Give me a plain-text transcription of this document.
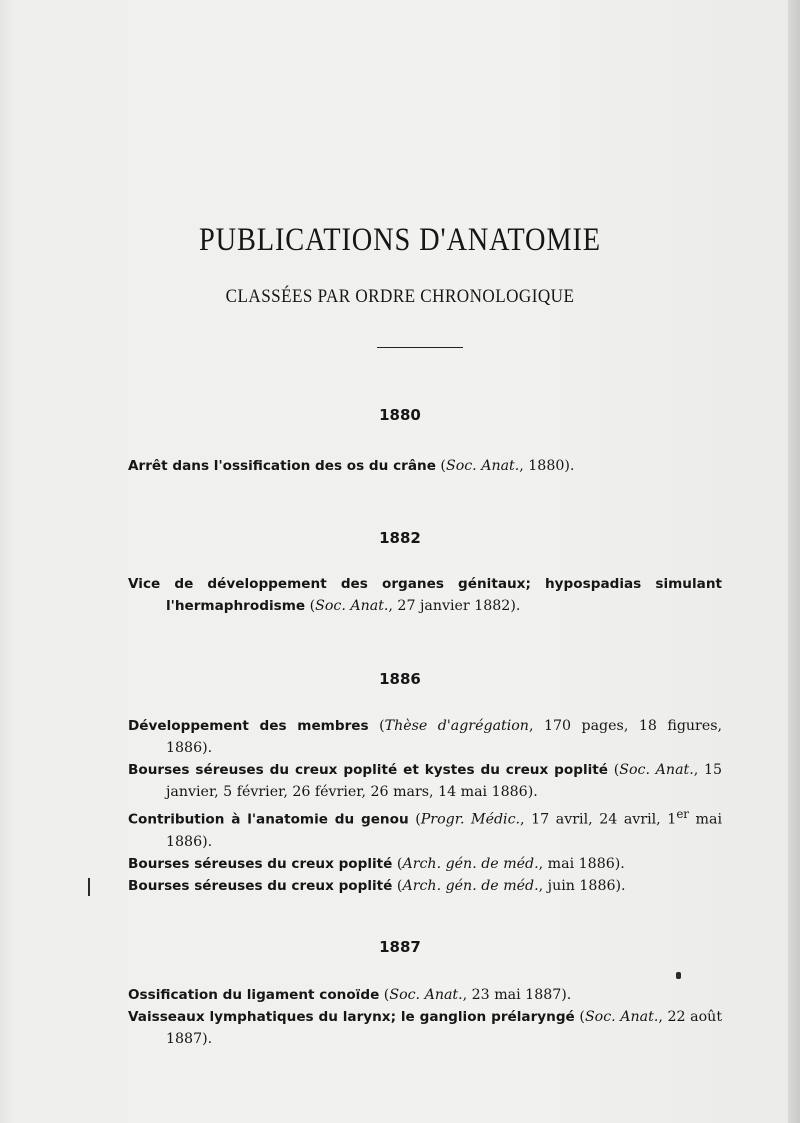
PUBLICATIONS D'ANATOMIE
CLASSÉES PAR ORDRE CHRONOLOGIQUE
1880
Arrêt dans l'ossification des os du crâne (Soc. Anat., 1880).
1882
Vice de développement des organes génitaux; hypospadias simulant l'hermaphrodisme (Soc. Anat., 27 janvier 1882).
1886
Développement des membres (Thèse d'agrégation, 170 pages, 18 figures, 1886).
Bourses séreuses du creux poplité et kystes du creux poplité (Soc. Anat., 15 janvier, 5 février, 26 février, 26 mars, 14 mai 1886).
Contribution à l'anatomie du genou (Progr. Médic., 17 avril, 24 avril, 1er mai 1886).
Bourses séreuses du creux poplité (Arch. gén. de méd., mai 1886).
Bourses séreuses du creux poplité (Arch. gén. de méd., juin 1886).
1887
Ossification du ligament conoïde (Soc. Anat., 23 mai 1887).
Vaisseaux lymphatiques du larynx; le ganglion prélaryngé (Soc. Anat., 22 août 1887).
